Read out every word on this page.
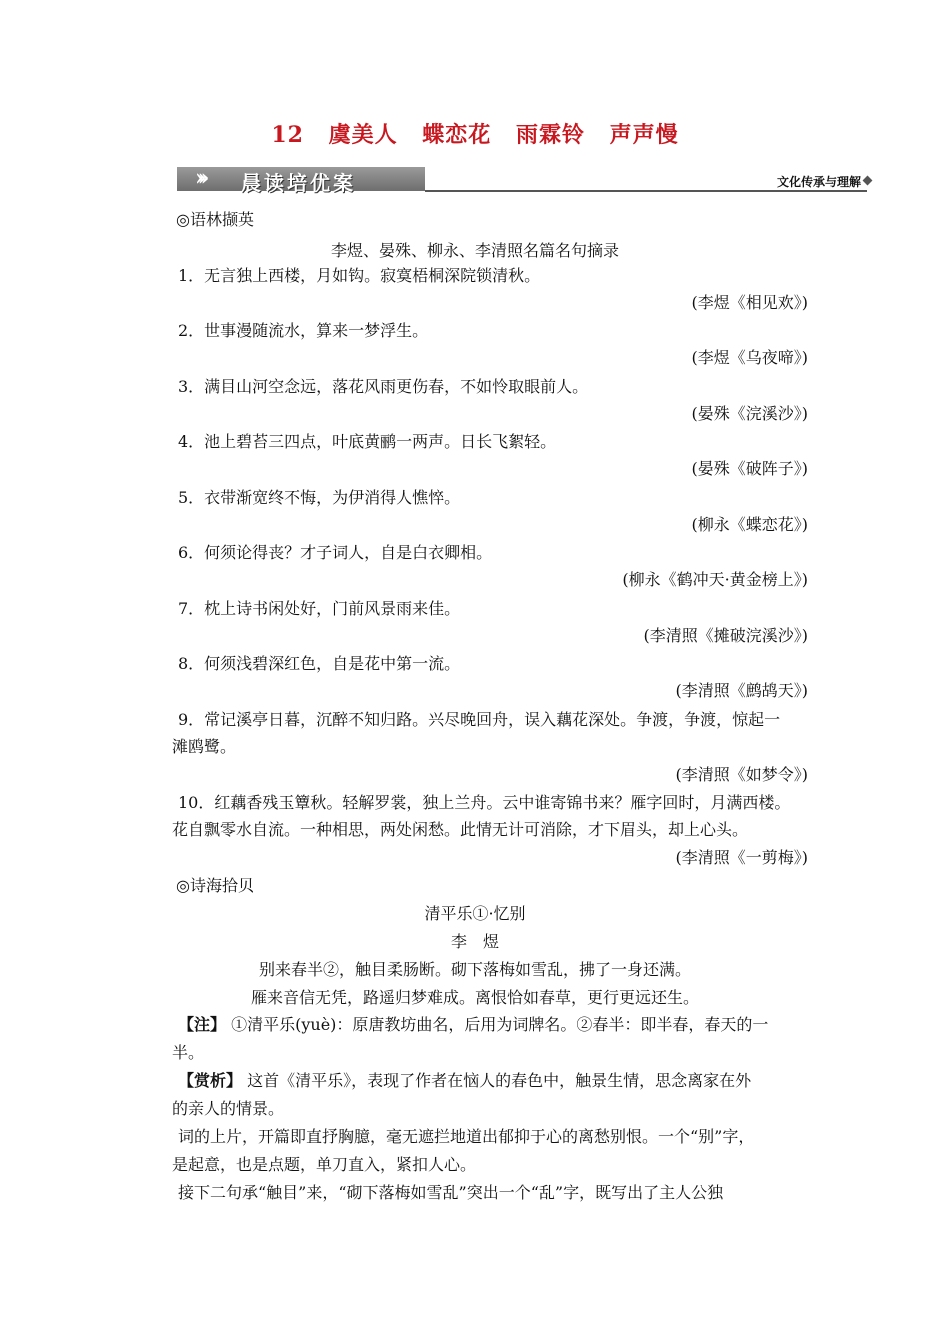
12 虞美人 蝶恋花 雨霖铃 声声慢
››› 晨读培优案	文化传承与理解
◎语林撷英
李煜、晏殊、柳永、李清照名篇名句摘录
1．无言独上西楼，月如钩。寂寞梧桐深院锁清秋。
(李煜《相见欢》)
2．世事漫随流水，算来一梦浮生。
(李煜《乌夜啼》)
3．满目山河空念远，落花风雨更伤春，不如怜取眼前人。
(晏殊《浣溪沙》)
4．池上碧苔三四点，叶底黄鹂一两声。日长飞絮轻。
(晏殊《破阵子》)
5．衣带渐宽终不悔，为伊消得人憔悴。
(柳永《蝶恋花》)
6．何须论得丧？才子词人，自是白衣卿相。
(柳永《鹤冲天·黄金榜上》)
7．枕上诗书闲处好，门前风景雨来佳。
(李清照《摊破浣溪沙》)
8．何须浅碧深红色，自是花中第一流。
(李清照《鹧鸪天》)
9．常记溪亭日暮，沉醉不知归路。兴尽晚回舟，误入藕花深处。争渡，争渡，惊起一
滩鸥鹭。
(李清照《如梦令》)
10．红藕香残玉簟秋。轻解罗裳，独上兰舟。云中谁寄锦书来？雁字回时，月满西楼。
花自飘零水自流。一种相思，两处闲愁。此情无计可消除，才下眉头，却上心头。
(李清照《一剪梅》)
◎诗海拾贝
清平乐①·忆别
李　煜
别来春半②，触目柔肠断。砌下落梅如雪乱，拂了一身还满。
雁来音信无凭，路遥归梦难成。离恨恰如春草，更行更远还生。
【注】 ①清平乐(yuè)：原唐教坊曲名，后用为词牌名。②春半：即半春，春天的一
半。
【赏析】 这首《清平乐》，表现了作者在恼人的春色中，触景生情，思念离家在外
的亲人的情景。
词的上片，开篇即直抒胸臆，毫无遮拦地道出郁抑于心的离愁别恨。一个“别”字，
是起意，也是点题，单刀直入，紧扣人心。
接下二句承“触目”来，“砌下落梅如雪乱”突出一个“乱”字，既写出了主人公独
